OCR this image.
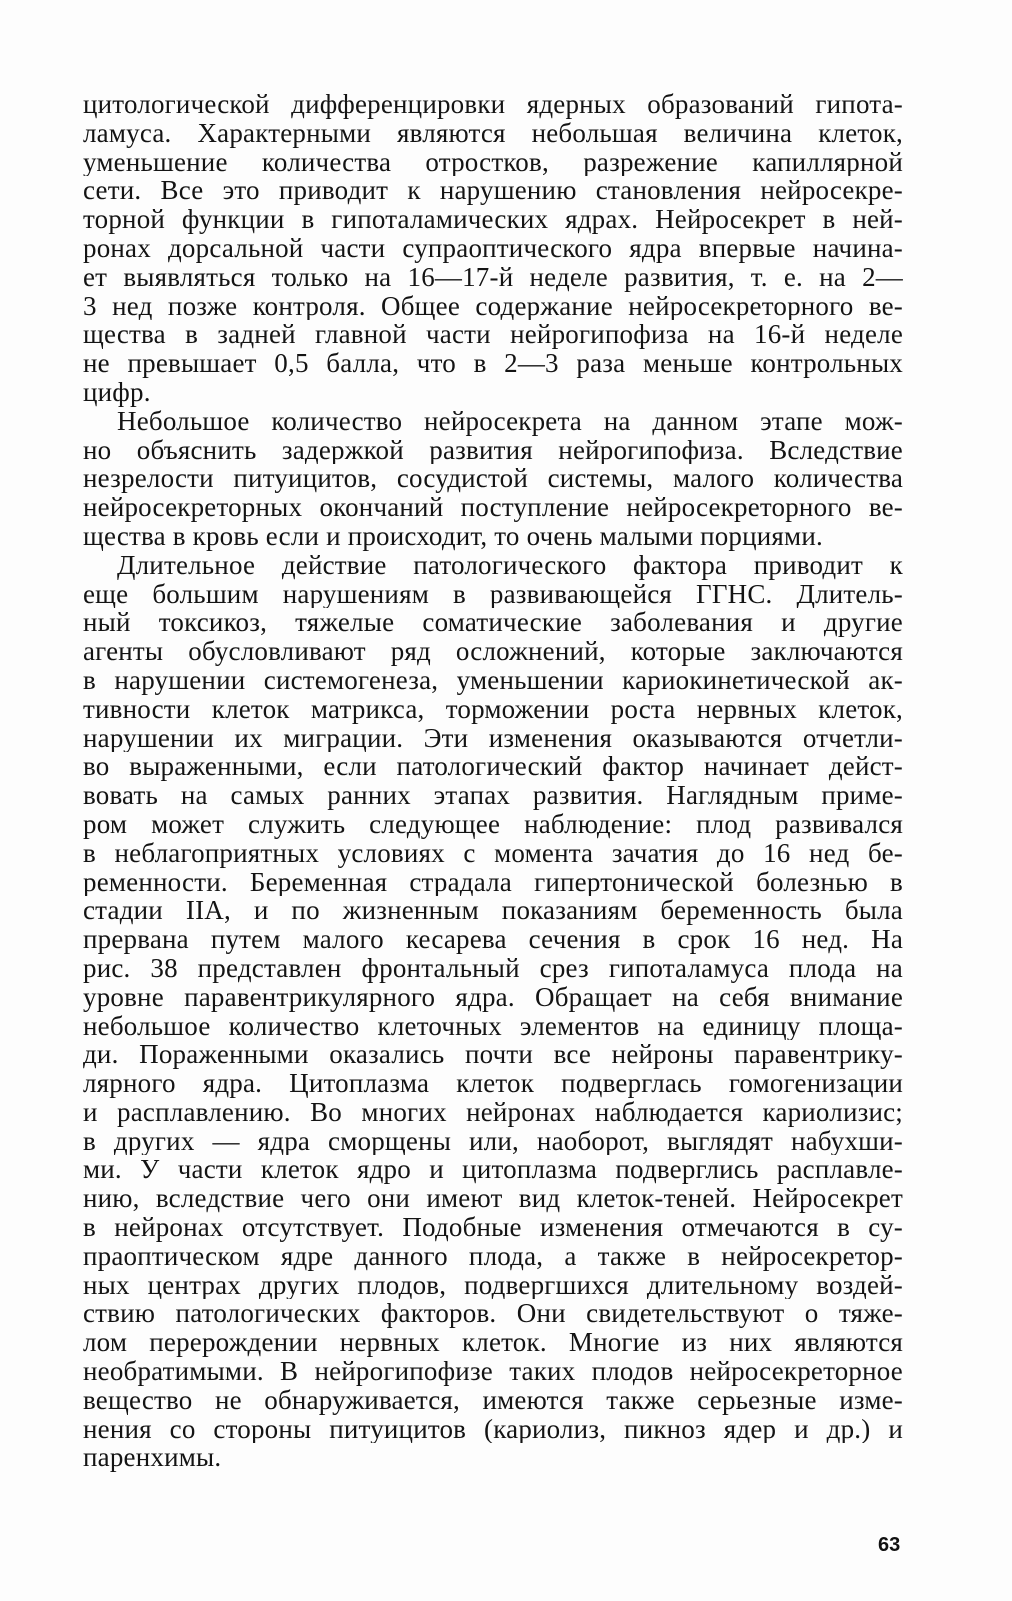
цитологической дифференцировки ядерных образований гипота-
ламуса. Характерными являются небольшая величина клеток,
уменьшение количества отростков, разрежение капиллярной
сети. Все это приводит к нарушению становления нейросекре-
торной функции в гипоталамических ядрах. Нейросекрет в ней-
ронах дорсальной части супраоптического ядра впервые начина-
ет выявляться только на 16—17-й неделе развития, т. е. на 2—
3 нед позже контроля. Общее содержание нейросекреторного ве-
щества в задней главной части нейрогипофиза на 16-й неделе
не превышает 0,5 балла, что в 2—3 раза меньше контрольных
цифр.
Небольшое количество нейросекрета на данном этапе мож-
но объяснить задержкой развития нейрогипофиза. Вследствие
незрелости питуицитов, сосудистой системы, малого количества
нейросекреторных окончаний поступление нейросекреторного ве-
щества в кровь если и происходит, то очень малыми порциями.
Длительное действие патологического фактора приводит к
еще большим нарушениям в развивающейся ГГНС. Длитель-
ный токсикоз, тяжелые соматические заболевания и другие
агенты обусловливают ряд осложнений, которые заключаются
в нарушении системогенеза, уменьшении кариокинетической ак-
тивности клеток матрикса, торможении роста нервных клеток,
нарушении их миграции. Эти изменения оказываются отчетли-
во выраженными, если патологический фактор начинает дейст-
вовать на самых ранних этапах развития. Наглядным приме-
ром может служить следующее наблюдение: плод развивался
в неблагоприятных условиях с момента зачатия до 16 нед бе-
ременности. Беременная страдала гипертонической болезнью в
стадии IIA, и по жизненным показаниям беременность была
прервана путем малого кесарева сечения в срок 16 нед. На
рис. 38 представлен фронтальный срез гипоталамуса плода на
уровне паравентрикулярного ядра. Обращает на себя внимание
небольшое количество клеточных элементов на единицу площа-
ди. Пораженными оказались почти все нейроны паравентрику-
лярного ядра. Цитоплазма клеток подверглась гомогенизации
и расплавлению. Во многих нейронах наблюдается кариолизис;
в других — ядра сморщены или, наоборот, выглядят набухши-
ми. У части клеток ядро и цитоплазма подверглись расплавле-
нию, вследствие чего они имеют вид клеток-теней. Нейросекрет
в нейронах отсутствует. Подобные изменения отмечаются в су-
праоптическом ядре данного плода, а также в нейросекретор-
ных центрах других плодов, подвергшихся длительному воздей-
ствию патологических факторов. Они свидетельствуют о тяже-
лом перерождении нервных клеток. Многие из них являются
необратимыми. В нейрогипофизе таких плодов нейросекреторное
вещество не обнаруживается, имеются также серьезные изме-
нения со стороны питуицитов (кариолиз, пикноз ядер и др.) и
паренхимы.
63
